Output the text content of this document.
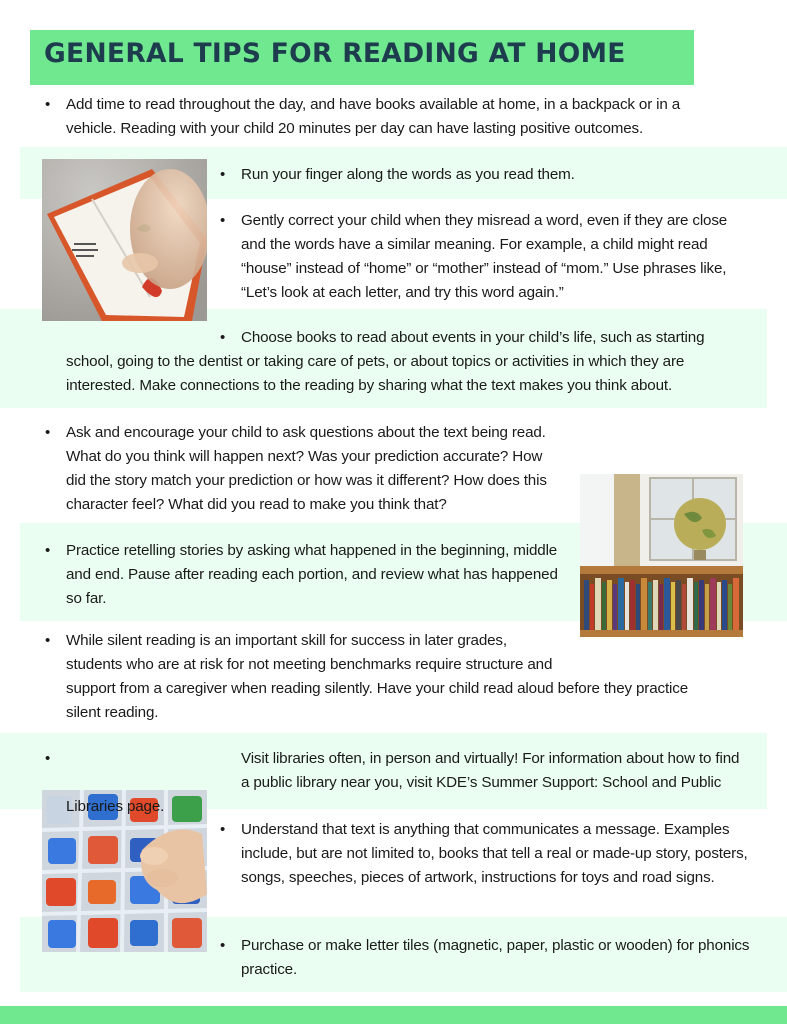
GENERAL TIPS FOR READING AT HOME
•
•
•
•
•
•
•
•
•
•

Add time to read throughout the day, and have books available at home, in a backpack or in a vehicle. Reading with your child 20 minutes per day can have lasting positive outcomes.

Run your finger along the words as you read them.

Gently correct your child when they misread a word, even if they are close and the words have a similar meaning. For example, a child might read “house” instead of “home” or “mother” instead of “mom.” Use phrases like, “Let’s look at each letter, and try this word again.”

Choose books to read about events in your child’s life, such as starting school, going to the dentist or taking care of pets, or about topics or activities in which they are interested. Make connections to the reading by sharing what the text makes you think about.

Ask and encourage your child to ask questions about the text being read. What do you think will happen next? Was your prediction accurate? How did the story match your prediction or how was it different? How does this character feel? What did you read to make you think that?

Practice retelling stories by asking what happened in the beginning, middle and end. Pause after reading each portion, and review what has happened so far.

While silent reading is an important skill for success in later grades, students who are at risk for not meeting benchmarks require structure and support from a caregiver when reading silently. Have your child read aloud before they practice silent reading.

Visit libraries often, in person and virtually! For information about how to find a public library near you, visit KDE’s Summer Support: School and Public Libraries page.

Understand that text is anything that communicates a message. Examples include, but are not limited to, books that tell a real or made-up story, posters, songs, speeches, pieces of artwork, instructions for toys and road signs.

Purchase or make letter tiles (magnetic, paper, plastic or wooden) for phonics practice.
